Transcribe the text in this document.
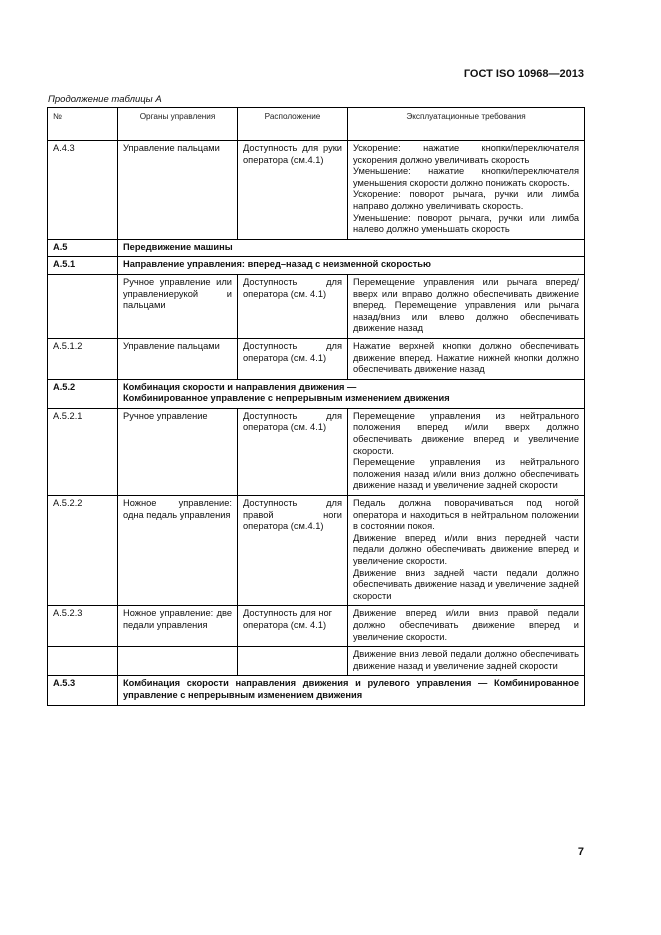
ГОСТ ISO 10968—2013
Продолжение таблицы А
№	Органы управления	Расположение	Эксплуатационные требования
А.4.3	Управление пальцами	Доступность для руки оператора (см.4.1)	Ускорение: нажатие кнопки/переключателя ускорения должно увеличивать скорость

Уменьшение: нажатие кнопки/переключателя уменьшения скорости должно понижать скорость.

Ускорение: поворот рычага, ручки или лимба направо должно увеличивать скорость.

Уменьшение: поворот рычага, ручки или лимба налево должно уменьшать скорость

А.5	Передвижение машины		
А.5.1	Направление управления: вперед–назад с неизменной скоростью		
	Ручное управление или управлениерукой и пальцами	Доступность для оператора (см. 4.1)	Перемещение управления или рычага вперед/вверх или вправо должно обеспечивать движение вперед. Перемещение управления или рычага назад/вниз или влево должно обеспечивать движение назад

А.5.1.2	Управление пальцами	Доступность для оператора (см. 4.1)	Нажатие верхней кнопки должно обеспечивать движение вперед. Нажатие нижней кнопки должно обеспечивать движение назад

А.5.2	Комбинация скорости и направления движения —
Комбинированное управление с непрерывным изменением движения		

А.5.2.1	Ручное управление	Доступность для оператора (см. 4.1)	Перемещение управления из нейтрального положения вперед и/или вверх должно обеспечивать движение вперед и увеличение скорости.

Перемещение управления из нейтрального положения назад и/или вниз должно обеспечивать движение назад и увеличение задней скорости

А.5.2.2	Ножное управление: одна педаль управления	Доступность для правой ноги оператора (см.4.1)	Педаль должна поворачиваться под ногой оператора и находиться в нейтральном положении в состоянии покоя.

Движение вперед и/или вниз передней части педали должно обеспечивать движение вперед и увеличение скорости.

Движение вниз задней части педали должно обеспечивать движение назад и увеличение задней скорости

А.5.2.3	Ножное управление: две педали управления	Доступность для ног оператора (см. 4.1)	Движение вперед и/или вниз правой педали должно обеспечивать движение вперед и увеличение скорости.

			Движение вниз левой педали должно обеспечивать движение назад и увеличение задней скорости

А.5.3	Комбинация скорости направления движения и рулевого управления — Комбинированное управление с непрерывным изменением движения		
7
